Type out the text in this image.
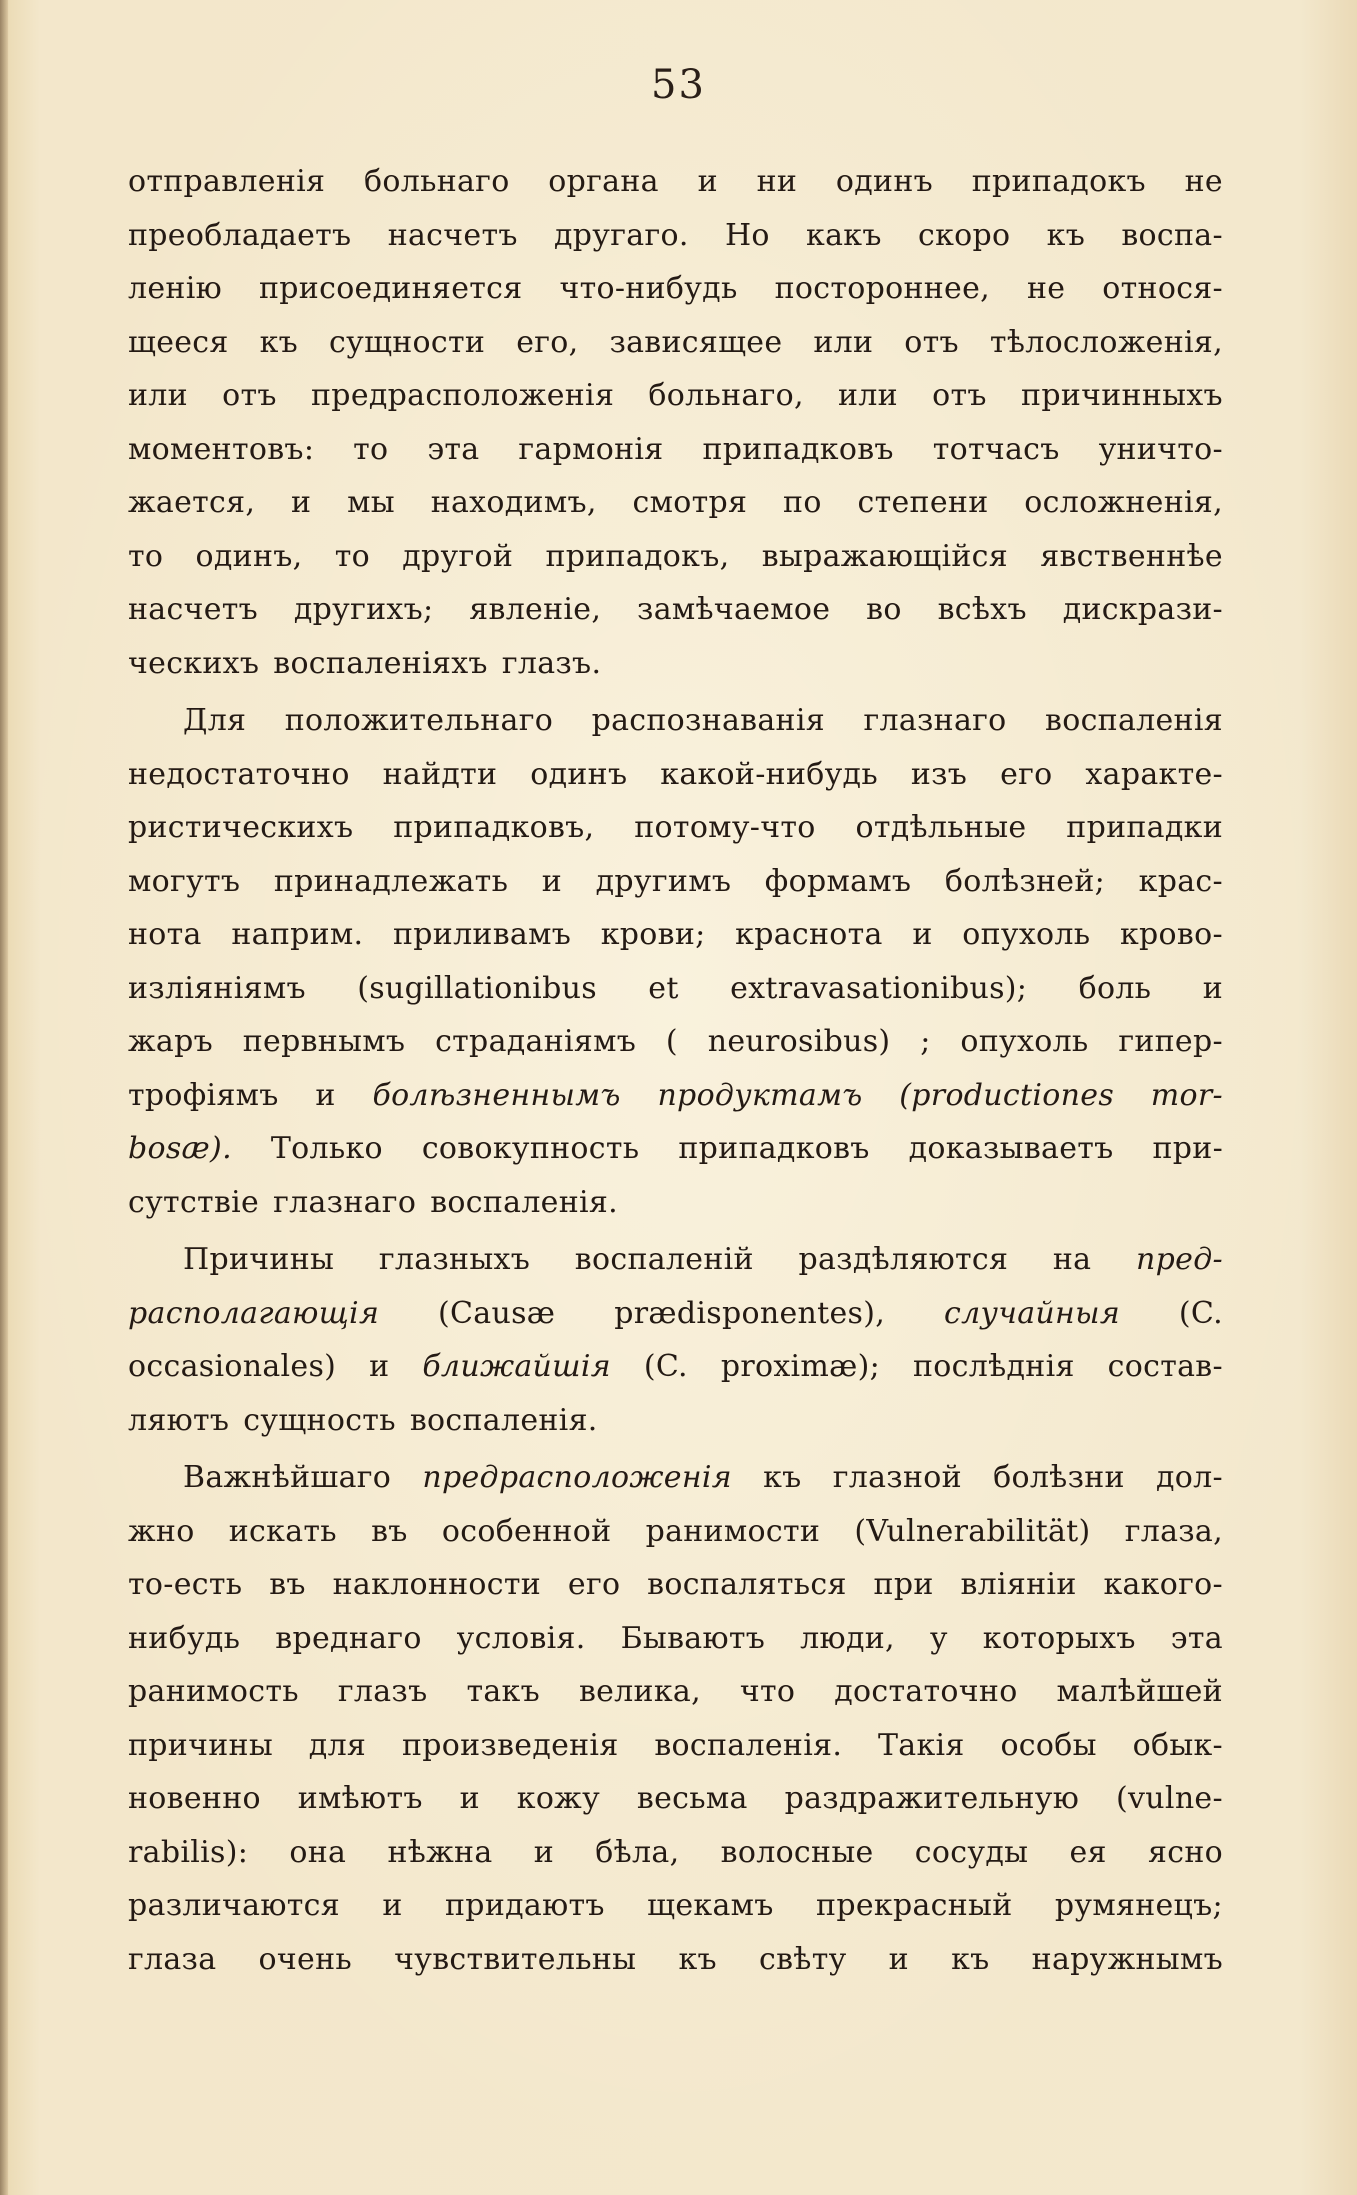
53
отправленія больнаго органа и ни одинъ припадокъ не
преобладаетъ насчетъ другаго. Но какъ скоро къ воспа-
ленію присоединяется что-нибудь постороннее, не относя-
щееся къ сущности его, зависящее или отъ тѣлосложенія,
или отъ предрасположенія больнаго, или отъ причинныхъ
моментовъ: то эта гармонія припадковъ тотчасъ уничто-
жается, и мы находимъ, смотря по степени осложненія,
то одинъ, то другой припадокъ, выражающійся явственнѣе
насчетъ другихъ; явленіе, замѣчаемое во всѣхъ дискрази-
ческихъ воспаленіяхъ глазъ.
Для положительнаго распознаванія глазнаго воспаленія
недостаточно найдти одинъ какой-нибудь изъ его характе-
ристическихъ припадковъ, потому-что отдѣльные припадки
могутъ принадлежать и другимъ формамъ болѣзней; крас-
нота наприм. приливамъ крови; краснота и опухоль крово-
изліяніямъ (sugillationibus et extravasationibus); боль и
жаръ первнымъ страданіямъ ( neurosibus) ; опухоль гипер-
трофіямъ и болѣзненнымъ продуктамъ (productiones mor-
bosæ). Только совокупность припадковъ доказываетъ при-
сутствіе глазнаго воспаленія.
Причины глазныхъ воспаленій раздѣляются на пред-
располагающія (Causæ prædisponentes), случайныя (C.
occasionales) и ближайшія (C. proximæ); послѣднія состав-
ляютъ сущность воспаленія.
Важнѣйшаго предрасположенія къ глазной болѣзни дол-
жно искать въ особенной ранимости (Vulnerabilität) глаза,
то-есть въ наклонности его воспаляться при вліяніи какого-
нибудь вреднаго условія. Бываютъ люди, у которыхъ эта
ранимость глазъ такъ велика, что достаточно малѣйшей
причины для произведенія воспаленія. Такія особы обык-
новенно имѣютъ и кожу весьма раздражительную (vulne-
rabilis): она нѣжна и бѣла, волосные сосуды ея ясно
различаются и придаютъ щекамъ прекрасный румянецъ;
глаза очень чувствительны къ свѣту и къ наружнымъ
